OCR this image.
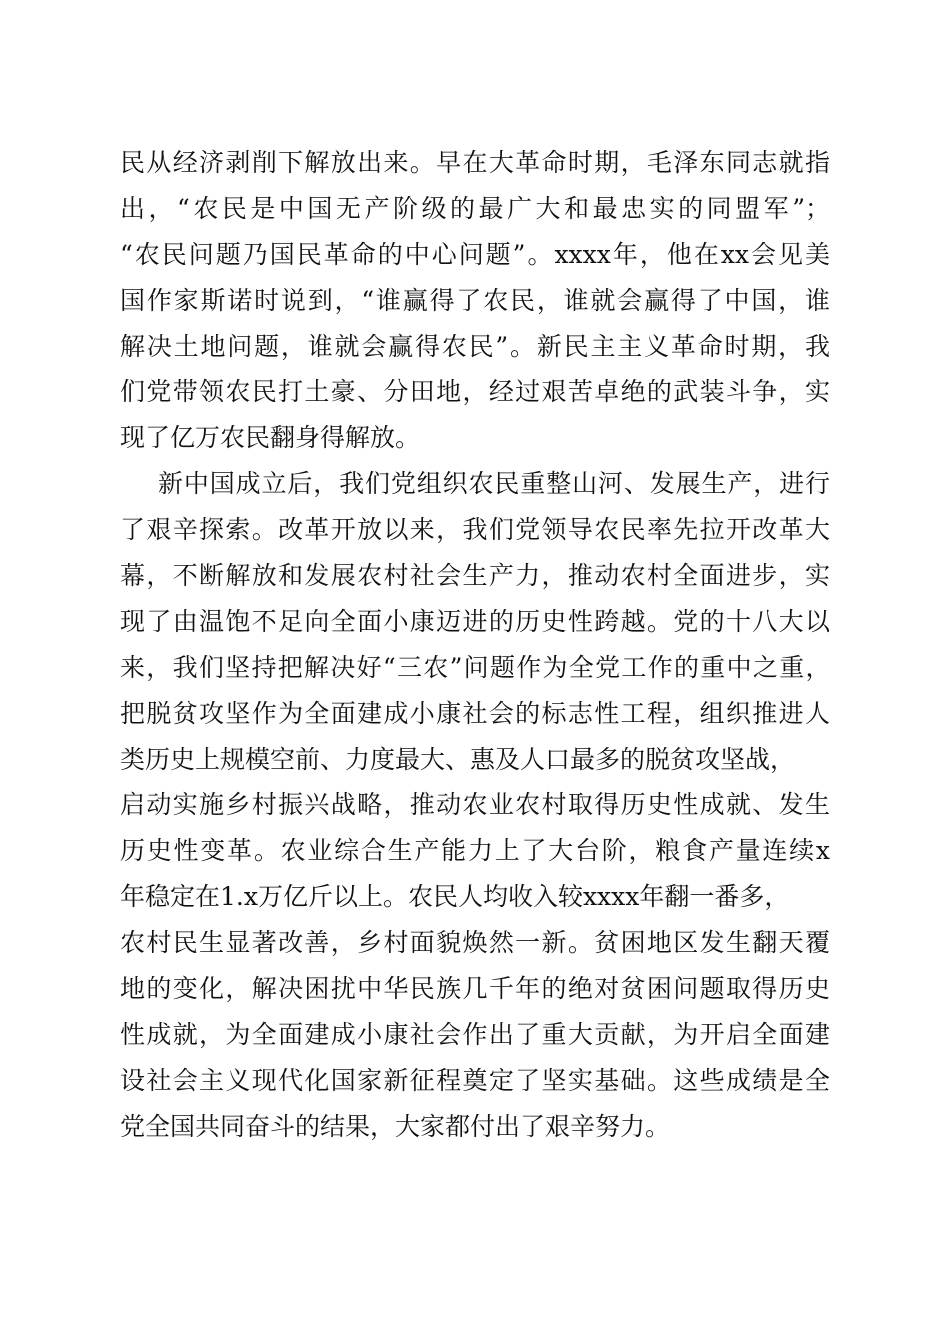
民从经济剥削下解放出来。早在大革命时期，毛泽东同志就指
出，“农民是中国无产阶级的最广大和最忠实的同盟军”；
“农民问题乃国民革命的中心问题”。xxxx年，他在xx会见美
国作家斯诺时说到，“谁赢得了农民，谁就会赢得了中国，谁
解决土地问题，谁就会赢得农民”。新民主主义革命时期，我
们党带领农民打土豪、分田地，经过艰苦卓绝的武装斗争，实
现了亿万农民翻身得解放。
新中国成立后，我们党组织农民重整山河、发展生产，进行
了艰辛探索。改革开放以来，我们党领导农民率先拉开改革大
幕，不断解放和发展农村社会生产力，推动农村全面进步，实
现了由温饱不足向全面小康迈进的历史性跨越。党的十八大以
来，我们坚持把解决好“三农”问题作为全党工作的重中之重，
把脱贫攻坚作为全面建成小康社会的标志性工程，组织推进人
类历史上规模空前、力度最大、惠及人口最多的脱贫攻坚战，
启动实施乡村振兴战略，推动农业农村取得历史性成就、发生
历史性变革。农业综合生产能力上了大台阶，粮食产量连续x
年稳定在1.x万亿斤以上。农民人均收入较xxxx年翻一番多，
农村民生显著改善，乡村面貌焕然一新。贫困地区发生翻天覆
地的变化，解决困扰中华民族几千年的绝对贫困问题取得历史
性成就，为全面建成小康社会作出了重大贡献，为开启全面建
设社会主义现代化国家新征程奠定了坚实基础。这些成绩是全
党全国共同奋斗的结果，大家都付出了艰辛努力。
